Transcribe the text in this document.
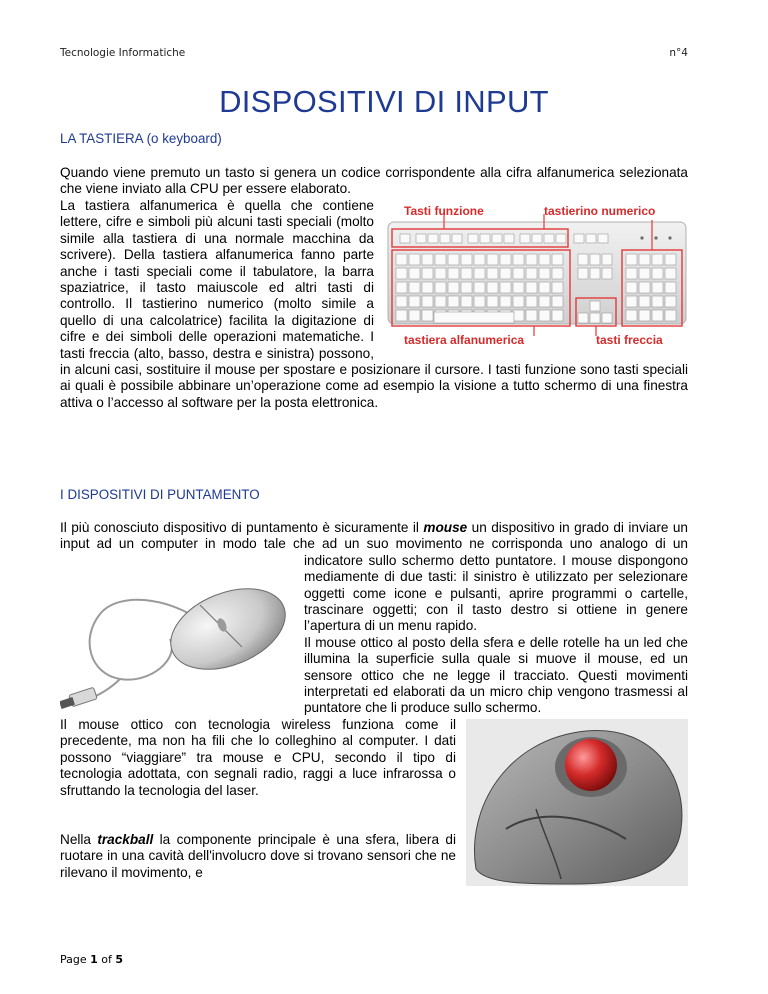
Tecnologie Informatiche	n°4
DISPOSITIVI DI INPUT
LA TASTIERA (o keyboard)

Quando viene premuto un tasto si genera un codice corrispondente alla cifra alfanumerica selezionata che viene inviato alla CPU per essere elaborato.

Tasti funzione	tastierino numerico
tastiera alfanumerica	tasti freccia
La tastiera alfanumerica è quella che contiene lettere, cifre e simboli più alcuni tasti speciali (molto simile alla tastiera di una normale macchina da scrivere). Della tastiera alfanumerica fanno parte anche i tasti speciali come il tabulatore, la barra spaziatrice, il tasto maiuscole ed altri tasti di controllo. Il tastierino numerico (molto simile a quello di una calcolatrice) facilita la digitazione di cifre e dei simboli delle operazioni matematiche. I tasti freccia (alto, basso, destra e sinistra) possono, in alcuni casi, sostituire il mouse per spostare e posizionare il cursore. I tasti funzione sono tasti speciali ai quali è possibile abbinare un’operazione come ad esempio la visione a tutto schermo di una finestra attiva o l’accesso al software per la posta elettronica.
I DISPOSITIVI DI PUNTAMENTO
Il più conosciuto dispositivo di puntamento è sicuramente il mouse un dispositivo in grado di inviare un input ad un computer in modo tale che ad un suo movimento ne corrisponda uno analogo di un indicatore sullo schermo detto puntatore. I mouse dispongono mediamente di due tasti: il sinistro è utilizzato per selezionare oggetti come icone e pulsanti, aprire programmi o cartelle, trascinare oggetti; con il tasto destro si ottiene in genere l’apertura di un menu rapido.
Il mouse ottico al posto della sfera e delle rotelle ha un led che illumina la superficie sulla quale si muove il mouse, ed un sensore ottico che ne legge il tracciato. Questi movimenti interpretati ed elaborati da un micro chip vengono trasmessi al puntatore che li produce sullo schermo.

Il mouse ottico con tecnologia wireless funziona come il precedente, ma non ha fili che lo colleghino al computer. I dati possono “viaggiare” tra mouse e CPU, secondo il tipo di tecnologia adottata, con segnali radio, raggi a luce infrarossa o sfruttando la tecnologia del laser.

Nella trackball la componente principale è una sfera, libera di ruotare in una cavità dell'involucro dove si trovano sensori che ne rilevano il movimento, e
Page 1 of 5
